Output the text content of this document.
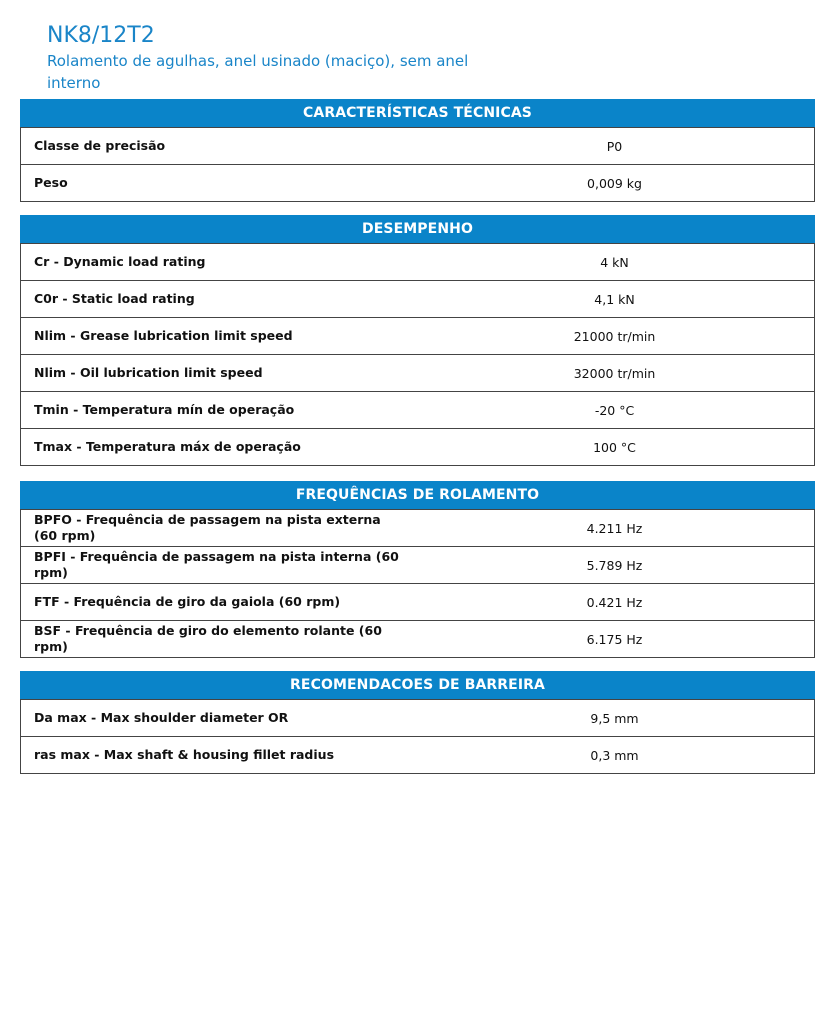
NK8/12T2
Rolamento de agulhas, anel usinado (maciço), sem anel interno
CARACTERÍSTICAS TÉCNICAS
Classe de precisão	P0
Peso	0,009 kg
DESEMPENHO
Cr - Dynamic load rating	4 kN
C0r - Static load rating	4,1 kN
Nlim - Grease lubrication limit speed	21000 tr/min
Nlim - Oil lubrication limit speed	32000 tr/min
Tmin - Temperatura mín de operação	-20 °C
Tmax - Temperatura máx de operação	100 °C
FREQUÊNCIAS DE ROLAMENTO
BPFO - Frequência de passagem na pista externa (60 rpm)	4.211 Hz
BPFI - Frequência de passagem na pista interna (60 rpm)	5.789 Hz
FTF - Frequência de giro da gaiola (60 rpm)	0.421 Hz
BSF - Frequência de giro do elemento rolante (60 rpm)	6.175 Hz
RECOMENDACOES DE BARREIRA
Da max - Max shoulder diameter OR	9,5 mm
ras max - Max shaft & housing fillet radius	0,3 mm
